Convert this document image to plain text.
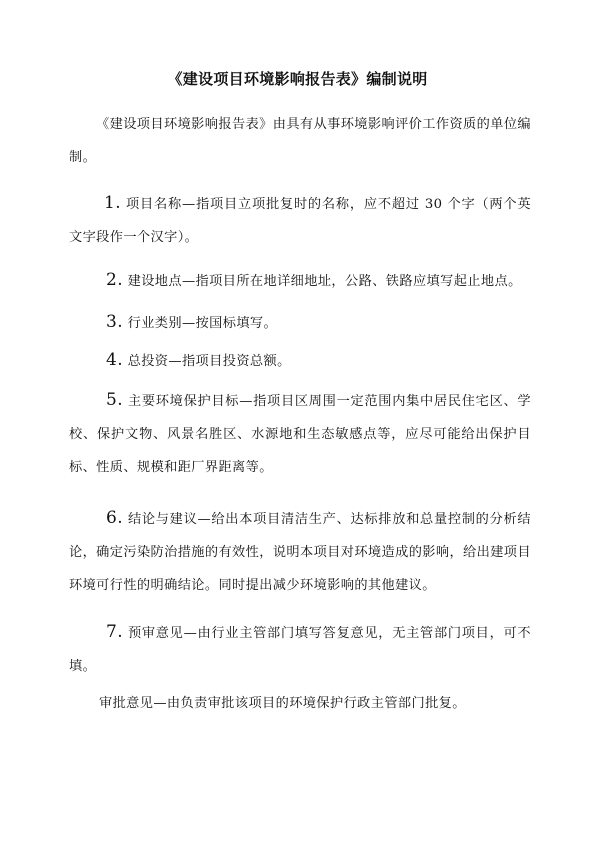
《建设项目环境影响报告表》编制说明
《建设项目环境影响报告表》由具有从事环境影响评价工作资质的单位编制。
1. 项目名称—指项目立项批复时的名称，应不超过 30 个字（两个英文字段作一个汉字）。
2. 建设地点—指项目所在地详细地址，公路、铁路应填写起止地点。
3. 行业类别—按国标填写。
4. 总投资—指项目投资总额。
5. 主要环境保护目标—指项目区周围一定范围内集中居民住宅区、学校、保护文物、风景名胜区、水源地和生态敏感点等，应尽可能给出保护目标、性质、规模和距厂界距离等。
6. 结论与建议—给出本项目清洁生产、达标排放和总量控制的分析结论，确定污染防治措施的有效性，说明本项目对环境造成的影响，给出建项目环境可行性的明确结论。同时提出减少环境影响的其他建议。
7. 预审意见—由行业主管部门填写答复意见，无主管部门项目，可不填。
审批意见—由负责审批该项目的环境保护行政主管部门批复。
